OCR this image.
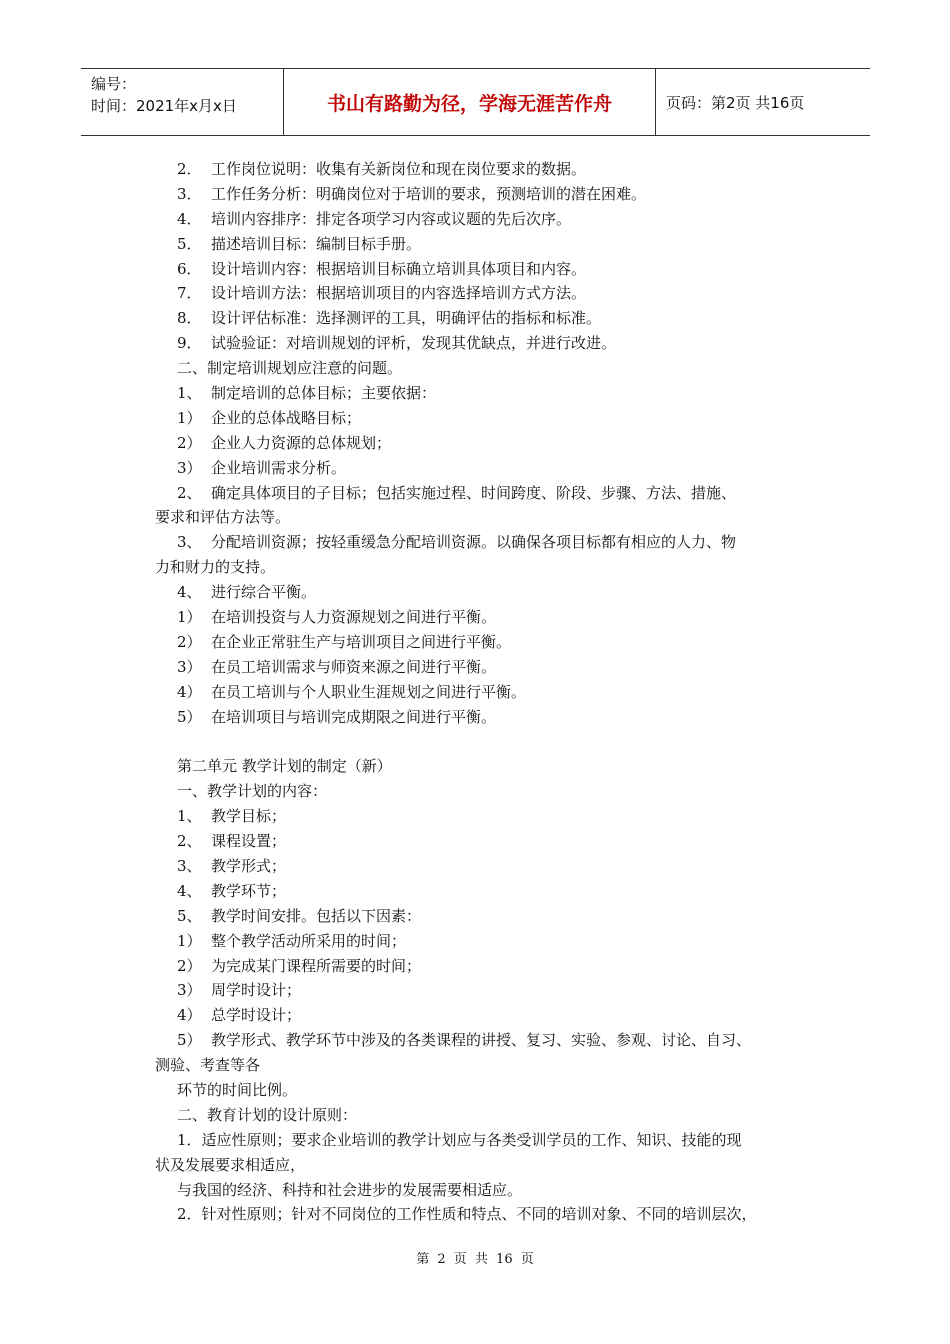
编号：
时间：2021年x月x日	书山有路勤为径，学海无涯苦作舟	页码：第2页 共16页
2． 工作岗位说明：收集有关新岗位和现在岗位要求的数据。
3． 工作任务分析：明确岗位对于培训的要求，预测培训的潜在困难。
4． 培训内容排序：排定各项学习内容或议题的先后次序。
5． 描述培训目标：编制目标手册。
6． 设计培训内容：根据培训目标确立培训具体项目和内容。
7． 设计培训方法：根据培训项目的内容选择培训方式方法。
8． 设计评估标准：选择测评的工具，明确评估的指标和标准。
9． 试验验证：对培训规划的评析，发现其优缺点，并进行改进。
二、制定培训规划应注意的问题。
1、 制定培训的总体目标；主要依据：
1） 企业的总体战略目标；
2） 企业人力资源的总体规划；
3） 企业培训需求分析。
2、 确定具体项目的子目标；包括实施过程、时间跨度、阶段、步骤、方法、措施、
要求和评估方法等。
3、 分配培训资源；按轻重缓急分配培训资源。以确保各项目标都有相应的人力、物
力和财力的支持。
4、 进行综合平衡。
1） 在培训投资与人力资源规划之间进行平衡。
2） 在企业正常驻生产与培训项目之间进行平衡。
3） 在员工培训需求与师资来源之间进行平衡。
4） 在员工培训与个人职业生涯规划之间进行平衡。
5） 在培训项目与培训完成期限之间进行平衡。
第二单元 教学计划的制定（新）
一、教学计划的内容：
1、 教学目标；
2、 课程设置；
3、 教学形式；
4、 教学环节；
5、 教学时间安排。包括以下因素：
1） 整个教学活动所采用的时间；
2） 为完成某门课程所需要的时间；
3） 周学时设计；
4） 总学时设计；
5） 教学形式、教学环节中涉及的各类课程的讲授、复习、实验、参观、讨论、自习、
测验、考查等各
环节的时间比例。
二、教育计划的设计原则：
1．适应性原则；要求企业培训的教学计划应与各类受训学员的工作、知识、技能的现
状及发展要求相适应，
与我国的经济、科持和社会进步的发展需要相适应。
2．针对性原则；针对不同岗位的工作性质和特点、不同的培训对象、不同的培训层次，
第 2 页 共 16 页
